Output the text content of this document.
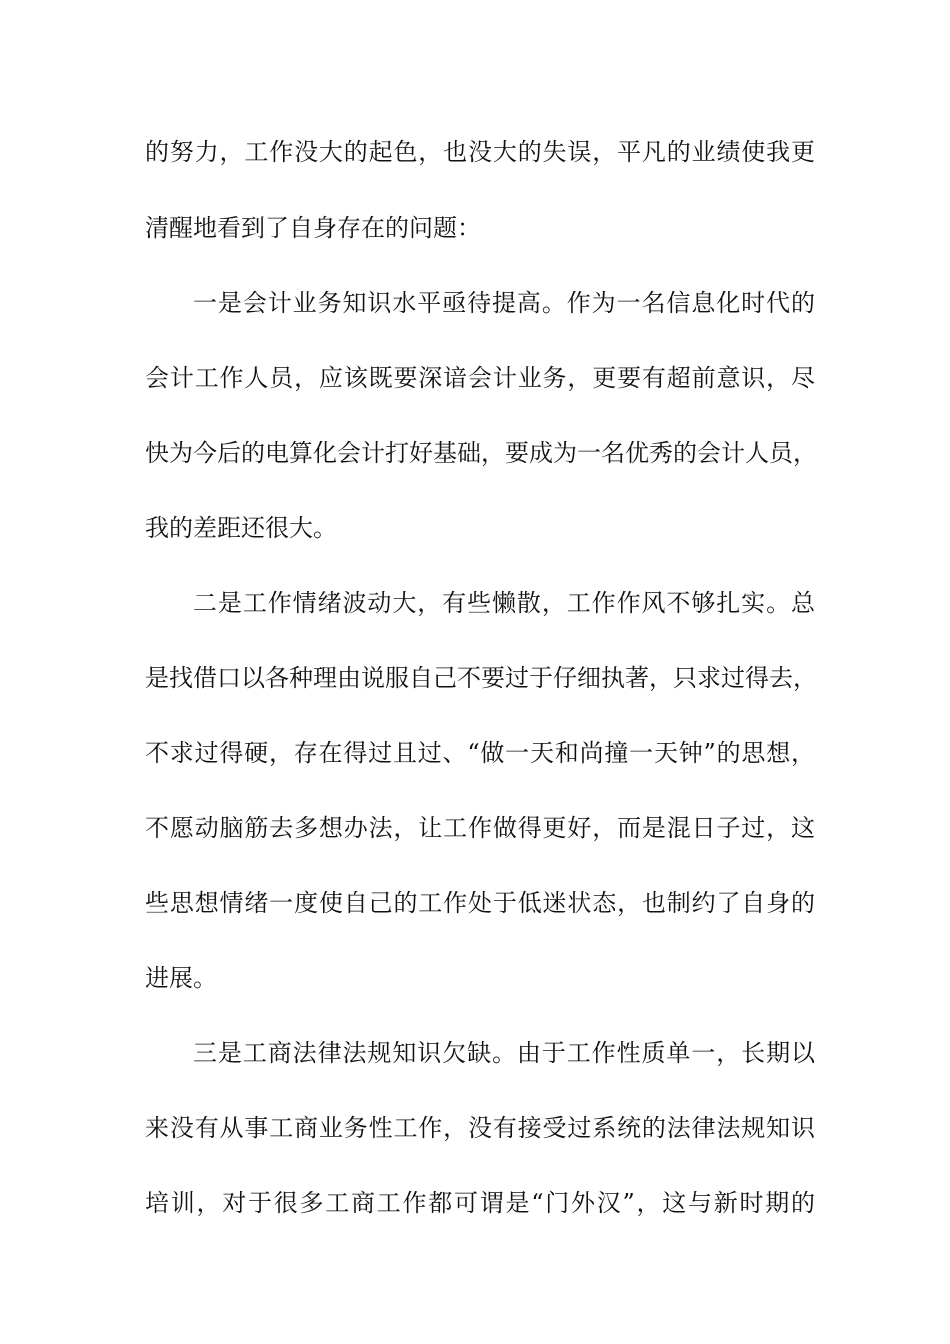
的努力，工作没大的起色，也没大的失误，平凡的业绩使我更
清醒地看到了自身存在的问题：
一是会计业务知识水平亟待提高。作为一名信息化时代的
会计工作人员，应该既要深谙会计业务，更要有超前意识，尽
快为今后的电算化会计打好基础，要成为一名优秀的会计人员，
我的差距还很大。
二是工作情绪波动大，有些懒散，工作作风不够扎实。总
是找借口以各种理由说服自己不要过于仔细执著，只求过得去，
不求过得硬，存在得过且过、“做一天和尚撞一天钟”的思想，
不愿动脑筋去多想办法，让工作做得更好，而是混日子过，这
些思想情绪一度使自己的工作处于低迷状态，也制约了自身的
进展。
三是工商法律法规知识欠缺。由于工作性质单一，长期以
来没有从事工商业务性工作，没有接受过系统的法律法规知识
培训，对于很多工商工作都可谓是“门外汉”，这与新时期的
